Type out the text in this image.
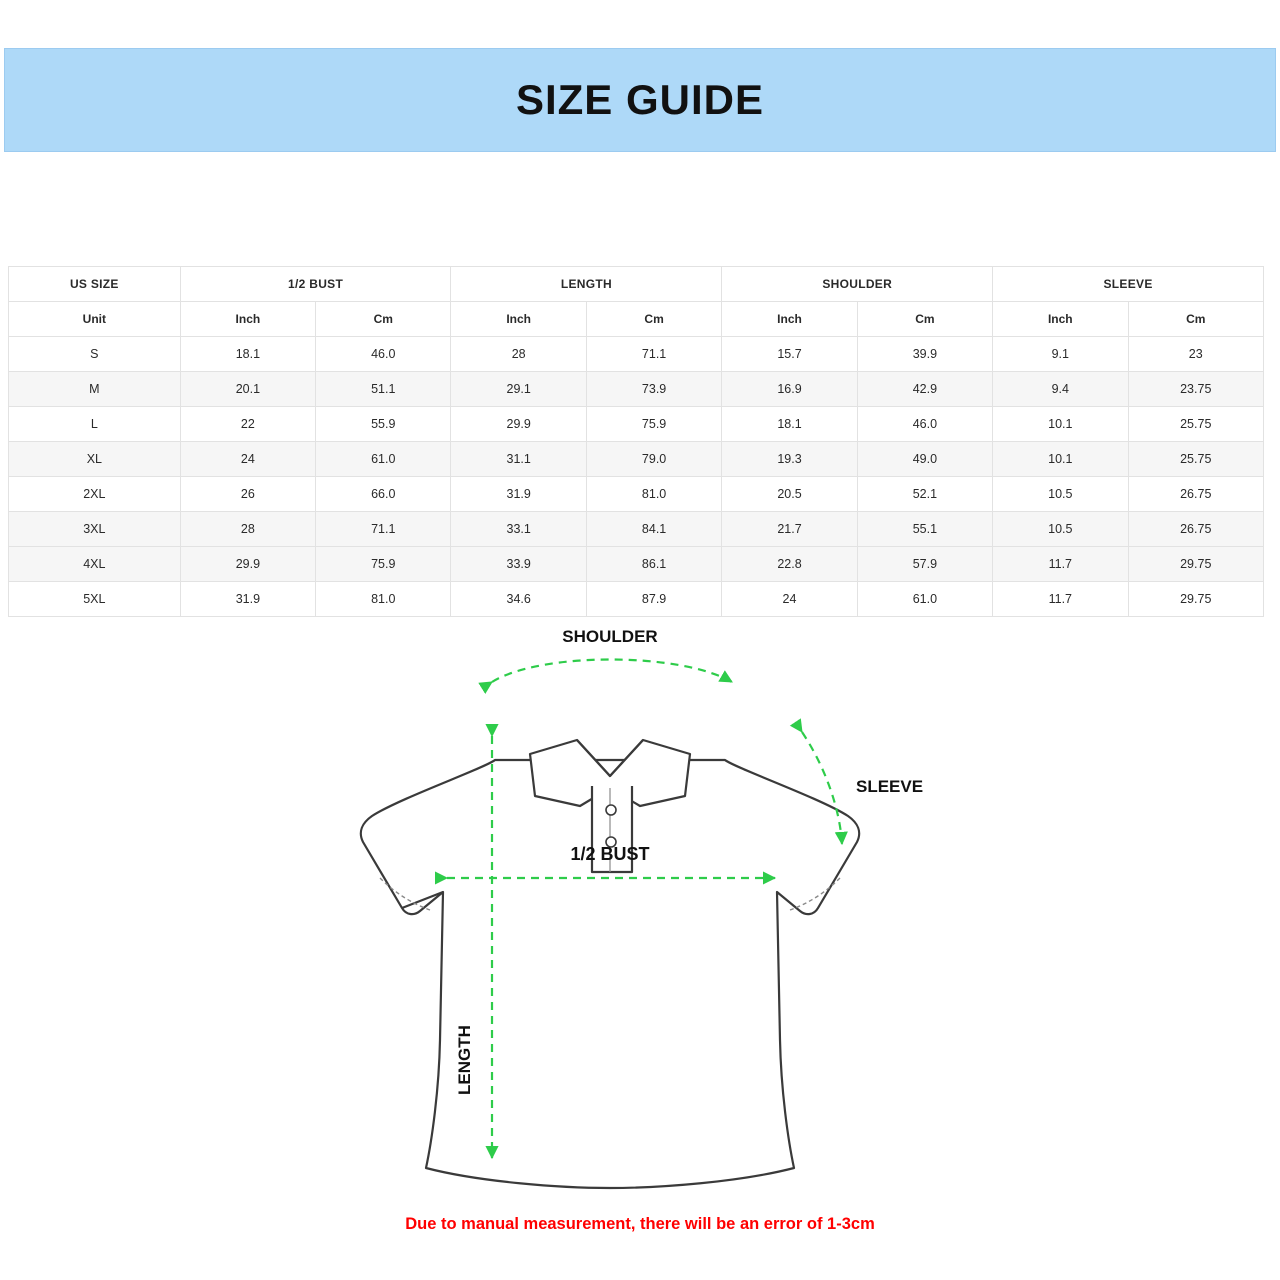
SIZE GUIDE
US SIZE	1/2 BUST		LENGTH		SHOULDER		SLEEVE	
Unit	Inch	Cm	Inch	Cm	Inch	Cm	Inch	Cm
S	18.1	46.0	28	71.1	15.7	39.9	9.1	23
M	20.1	51.1	29.1	73.9	16.9	42.9	9.4	23.75
L	22	55.9	29.9	75.9	18.1	46.0	10.1	25.75
XL	24	61.0	31.1	79.0	19.3	49.0	10.1	25.75
2XL	26	66.0	31.9	81.0	20.5	52.1	10.5	26.75
3XL	28	71.1	33.1	84.1	21.7	55.1	10.5	26.75
4XL	29.9	75.9	33.9	86.1	22.8	57.9	11.7	29.75
5XL	31.9	81.0	34.6	87.9	24	61.0	11.7	29.75
SHOULDER
SLEEVE
1/2 BUST
LENGTH
Due to manual measurement, there will be an error of 1-3cm
